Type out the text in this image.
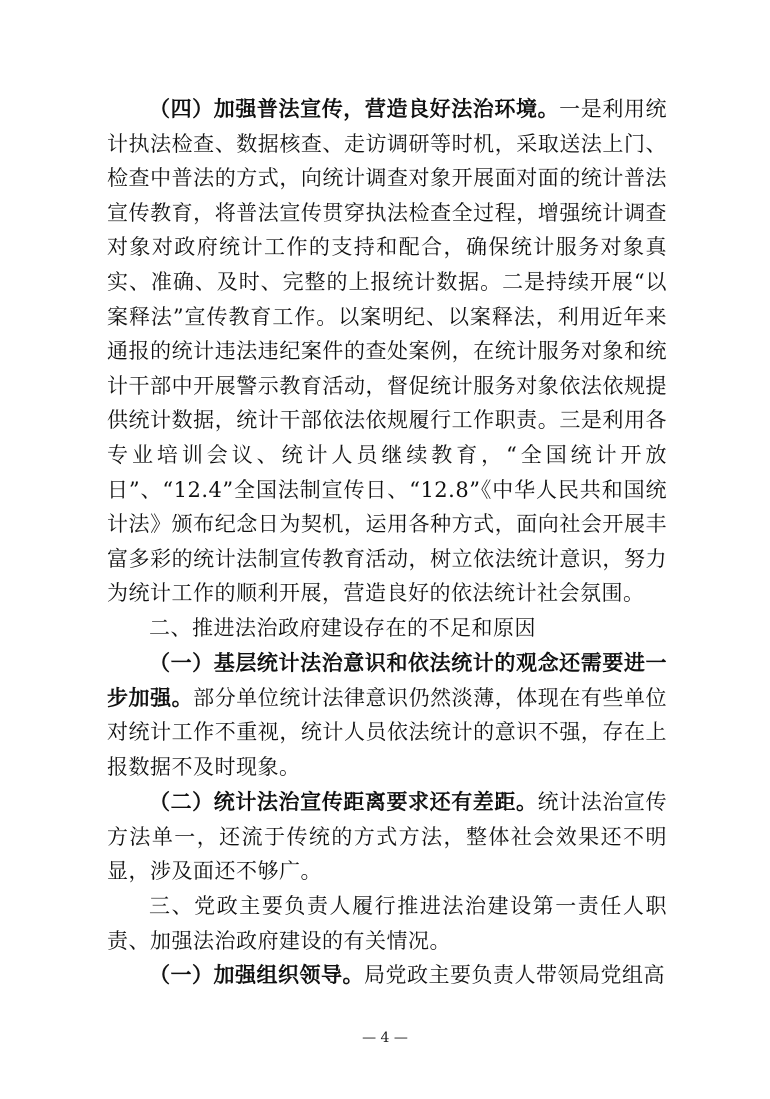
（四）加强普法宣传，营造良好法治环境。一是利用统计执法检查、数据核查、走访调研等时机，采取送法上门、检查中普法的方式，向统计调查对象开展面对面的统计普法宣传教育，将普法宣传贯穿执法检查全过程，增强统计调查对象对政府统计工作的支持和配合，确保统计服务对象真实、准确、及时、完整的上报统计数据。二是持续开展“以案释法”宣传教育工作。以案明纪、以案释法，利用近年来通报的统计违法违纪案件的查处案例，在统计服务对象和统计干部中开展警示教育活动，督促统计服务对象依法依规提供统计数据，统计干部依法依规履行工作职责。三是利用各专业培训会议、统计人员继续教育，“全国统计开放日”、“12.4”全国法制宣传日、“12.8”《中华人民共和国统计法》颁布纪念日为契机，运用各种方式，面向社会开展丰富多彩的统计法制宣传教育活动，树立依法统计意识，努力为统计工作的顺利开展，营造良好的依法统计社会氛围。

二、推进法治政府建设存在的不足和原因

（一）基层统计法治意识和依法统计的观念还需要进一步加强。部分单位统计法律意识仍然淡薄，体现在有些单位对统计工作不重视，统计人员依法统计的意识不强，存在上报数据不及时现象。

（二）统计法治宣传距离要求还有差距。统计法治宣传方法单一，还流于传统的方式方法，整体社会效果还不明显，涉及面还不够广。

三、党政主要负责人履行推进法治建设第一责任人职责、加强法治政府建设的有关情况。

（一）加强组织领导。局党政主要负责人带领局党组高

— 4 —
